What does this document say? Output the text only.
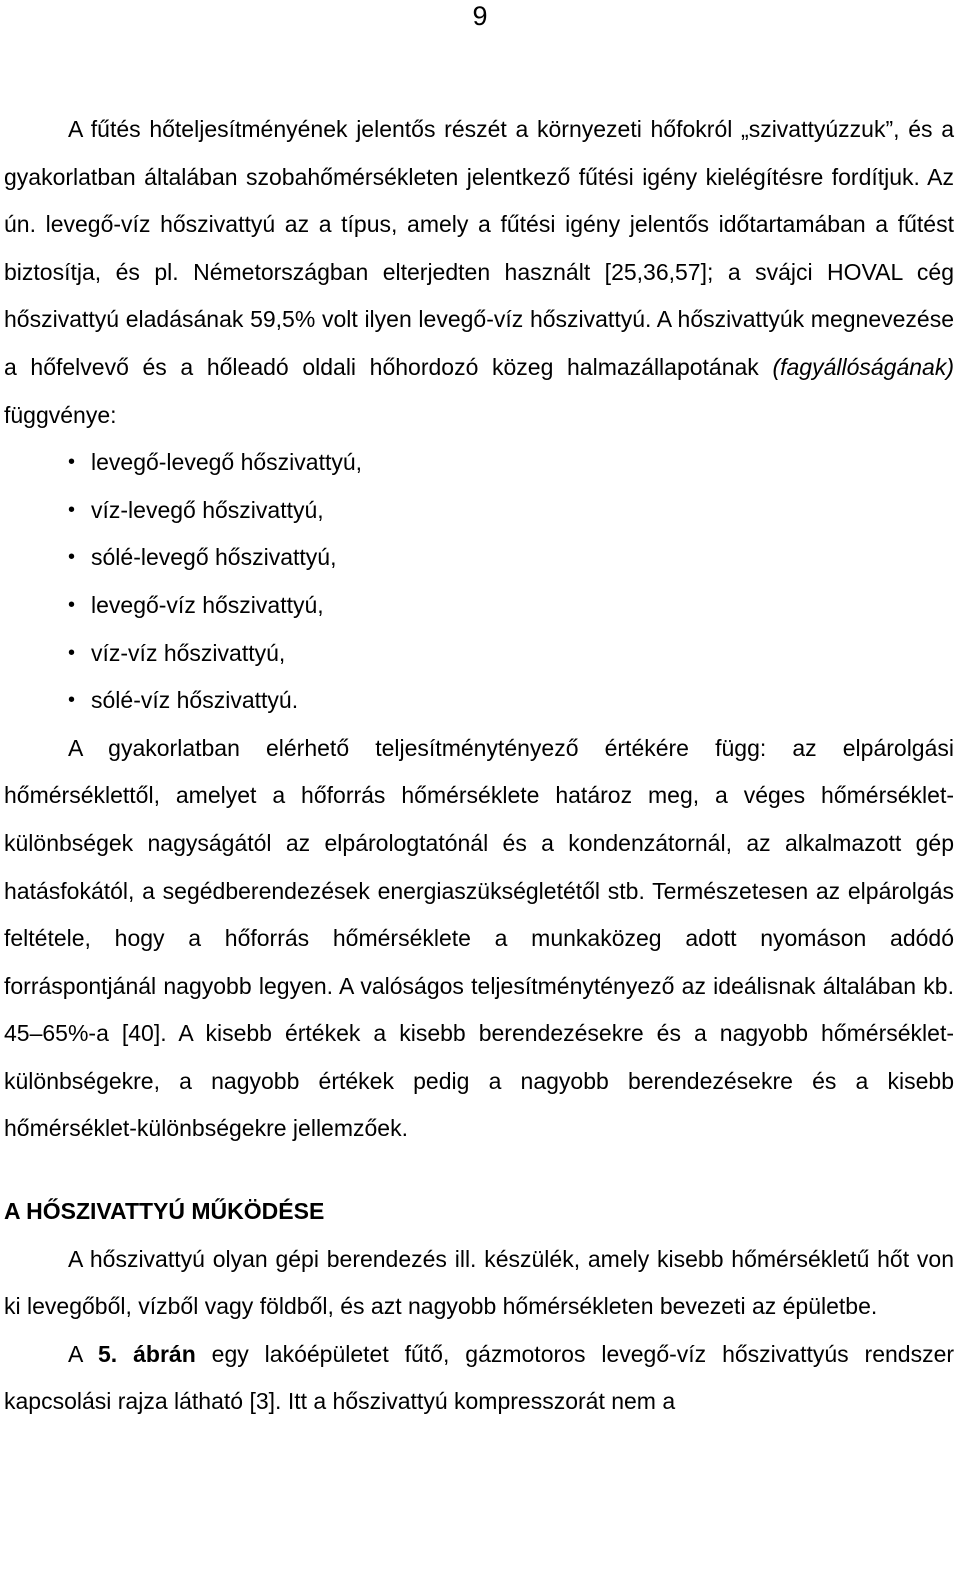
9

A fűtés hőteljesítményének jelentős részét a környezeti hőfokról „szivattyúzzuk”, és a gyakorlatban általában szobahőmérsékleten jelentkező fűtési igény kielégítésre fordítjuk. Az ún. levegő-víz hőszivattyú az a típus, amely a fűtési igény jelentős időtartamában a fűtést biztosítja, és pl. Németországban elterjedten használt [25,36,57]; a svájci HOVAL cég hőszivattyú eladásának 59,5% volt ilyen levegő-víz hőszivattyú. A hőszivattyúk megnevezése a hőfelvevő és a hőleadó oldali hőhordozó közeg halmazállapotának (fagyállóságának) függvénye:

• levegő-levegő hőszivattyú,
• víz-levegő hőszivattyú,
• sólé-levegő hőszivattyú,
• levegő-víz hőszivattyú,
• víz-víz hőszivattyú,
• sólé-víz hőszivattyú.

A gyakorlatban elérhető teljesítménytényező értékére függ: az elpárolgási hőmérséklettől, amelyet a hőforrás hőmérséklete határoz meg, a véges hőmérséklet-különbségek nagyságától az elpárologtatónál és a kondenzátornál, az alkalmazott gép hatásfokától, a segédberendezések energiaszükségletétől stb. Természetesen az elpárolgás feltétele, hogy a hőforrás hőmérséklete a munkaközeg adott nyomáson adódó forráspontjánál nagyobb legyen. A valóságos teljesítménytényező az ideálisnak általában kb. 45–65%-a [40]. A kisebb értékek a kisebb berendezésekre és a nagyobb hőmérséklet-különbségekre, a nagyobb értékek pedig a nagyobb berendezésekre és a kisebb hőmérséklet-különbségekre jellemzőek.

A HŐSZIVATTYÚ MŰKÖDÉSE

A hőszivattyú olyan gépi berendezés ill. készülék, amely kisebb hőmérsékletű hőt von ki levegőből, vízből vagy földből, és azt nagyobb hőmérsékleten bevezeti az épületbe.

A 5. ábrán egy lakóépületet fűtő, gázmotoros levegő-víz hőszivattyús rendszer kapcsolási rajza látható [3]. Itt a hőszivattyú kompresszorát nem a
